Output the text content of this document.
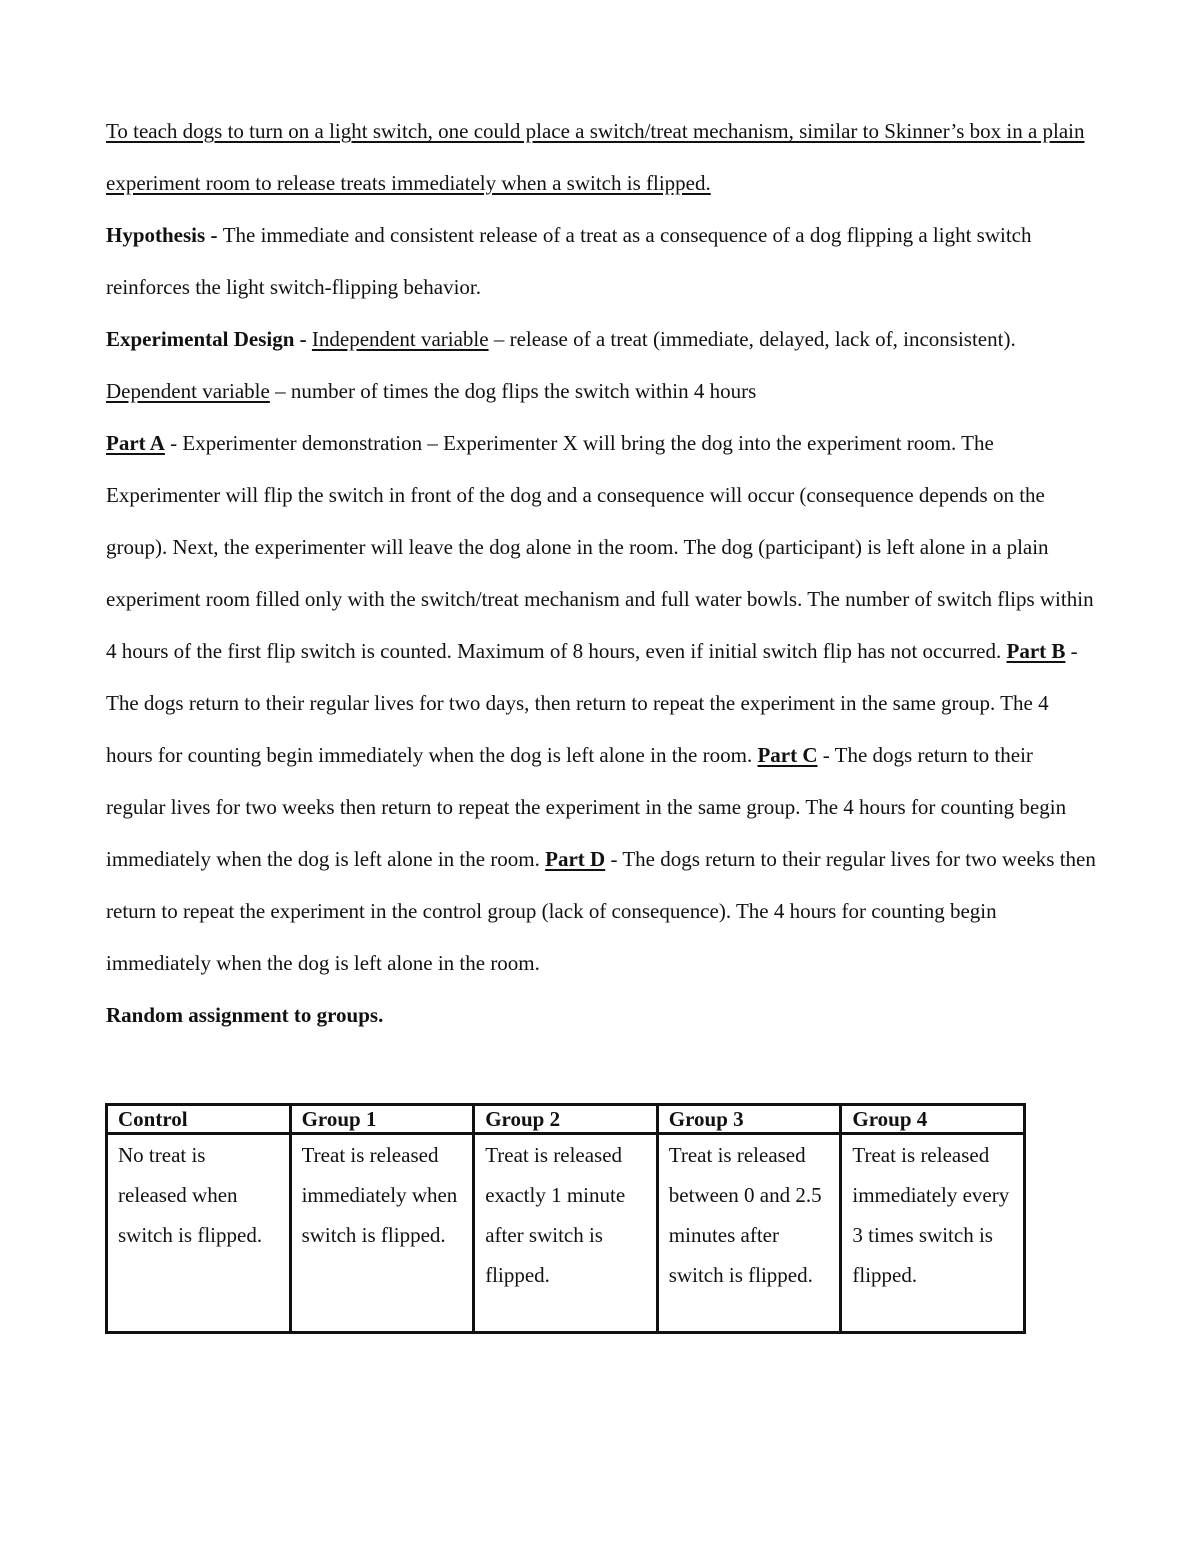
To teach dogs to turn on a light switch, one could place a switch/treat mechanism, similar to Skinner’s box in a plain experiment room to release treats immediately when a switch is flipped.

Hypothesis - The immediate and consistent release of a treat as a consequence of a dog flipping a light switch reinforces the light switch-flipping behavior.

Experimental Design - Independent variable – release of a treat (immediate, delayed, lack of, inconsistent). Dependent variable – number of times the dog flips the switch within 4 hours

Part A - Experimenter demonstration – Experimenter X will bring the dog into the experiment room. The Experimenter will flip the switch in front of the dog and a consequence will occur (consequence depends on the group). Next, the experimenter will leave the dog alone in the room. The dog (participant) is left alone in a plain experiment room filled only with the switch/treat mechanism and full water bowls. The number of switch flips within 4 hours of the first flip switch is counted. Maximum of 8 hours, even if initial switch flip has not occurred. Part B - The dogs return to their regular lives for two days, then return to repeat the experiment in the same group. The 4 hours for counting begin immediately when the dog is left alone in the room. Part C - The dogs return to their regular lives for two weeks then return to repeat the experiment in the same group. The 4 hours for counting begin immediately when the dog is left alone in the room. Part D - The dogs return to their regular lives for two weeks then return to repeat the experiment in the control group (lack of consequence). The 4 hours for counting begin immediately when the dog is left alone in the room.

Random assignment to groups.

Control	Group 1	Group 2	Group 3	Group 4
No treat is released when switch is flipped.	Treat is released immediately when switch is flipped.	Treat is released exactly 1 minute after switch is flipped.	Treat is released between 0 and 2.5 minutes after switch is flipped.	Treat is released immediately every 3 times switch is flipped.
